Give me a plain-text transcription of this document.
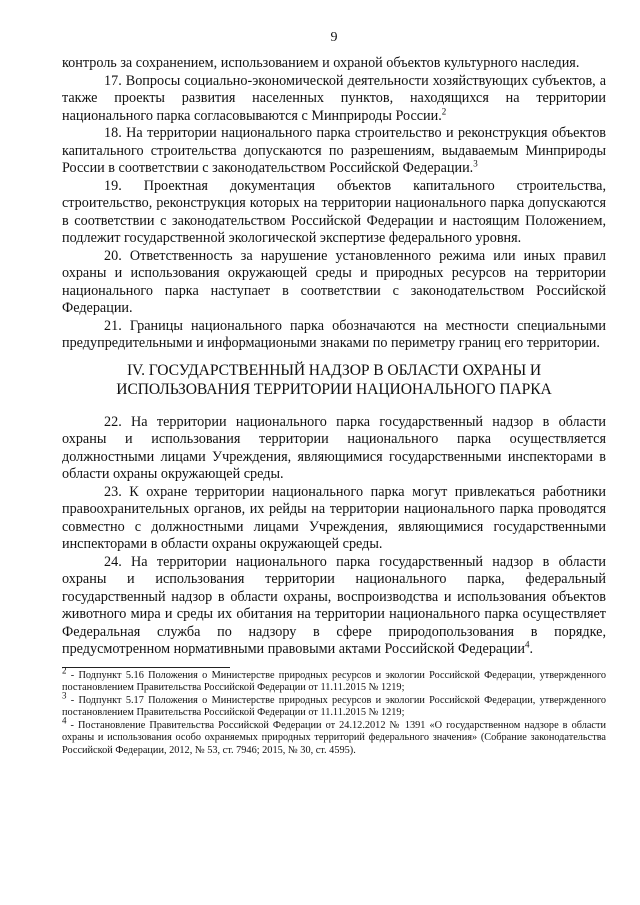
9

контроль за сохранением, использованием и охраной объектов культурного наследия.

17. Вопросы социально-экономической деятельности хозяйствующих субъектов, а также проекты развития населенных пунктов, находящихся на территории национального парка согласовываются с Минприроды России.$^2$

18. На территории национального парка строительство и реконструкция объектов капитального строительства допускаются по разрешениям, выдаваемым Минприроды России в соответствии с законодательством Российской Федерации.$^3$

19. Проектная документация объектов капитального строительства, строительство, реконструкция которых на территории национального парка допускаются в соответствии с законодательством Российской Федерации и настоящим Положением, подлежит государственной экологической экспертизе федерального уровня.

20. Ответственность за нарушение установленного режима или иных правил охраны и использования окружающей среды и природных ресурсов на территории национального парка наступает в соответствии с законодательством Российской Федерации.

21. Границы национального парка обозначаются на местности специальными предупредительными и информациоными знаками по периметру границ его территории.

IV. ГОСУДАРСТВЕННЫЙ НАДЗОР В ОБЛАСТИ ОХРАНЫ И
ИСПОЛЬЗОВАНИЯ ТЕРРИТОРИИ НАЦИОНАЛЬНОГО ПАРКА

22. На территории национального парка государственный надзор в области охраны и использования территории национального парка осуществляется должностными лицами Учреждения, являющимися государственными инспекторами в области охраны окружающей среды.

23. К охране территории национального парка могут привлекаться работники правоохранительных органов, их рейды на территории национального парка проводятся совместно с должностными лицами Учреждения, являющимися государственными инспекторами в области охраны окружающей среды.

24. На территории национального парка государственный надзор в области охраны и использования территории национального парка, федеральный государственный надзор в области охраны, воспроизводства и использования объектов животного мира и среды их обитания на территории национального парка осуществляет Федеральная служба по надзору в сфере природопользования в порядке, предусмотренном нормативными правовыми актами Российской Федерации$^4$.

$^2$ - Подпункт 5.16 Положения о Министерстве природных ресурсов и экологии Российской Федерации, утвержденного постановлением Правительства Российской Федерации от 11.11.2015 № 1219;

$^3$ - Подпункт 5.17 Положения о Министерстве природных ресурсов и экологии Российской Федерации, утвержденного постановлением Правительства Российской Федерации от 11.11.2015 № 1219;

$^4$ - Постановление Правительства Российской Федерации от 24.12.2012 № 1391 «О государственном надзоре в области охраны и использования особо охраняемых природных территорий федерального значения» (Собрание законодательства Российской Федерации, 2012, № 53, ст. 7946; 2015, № 30, ст. 4595).
